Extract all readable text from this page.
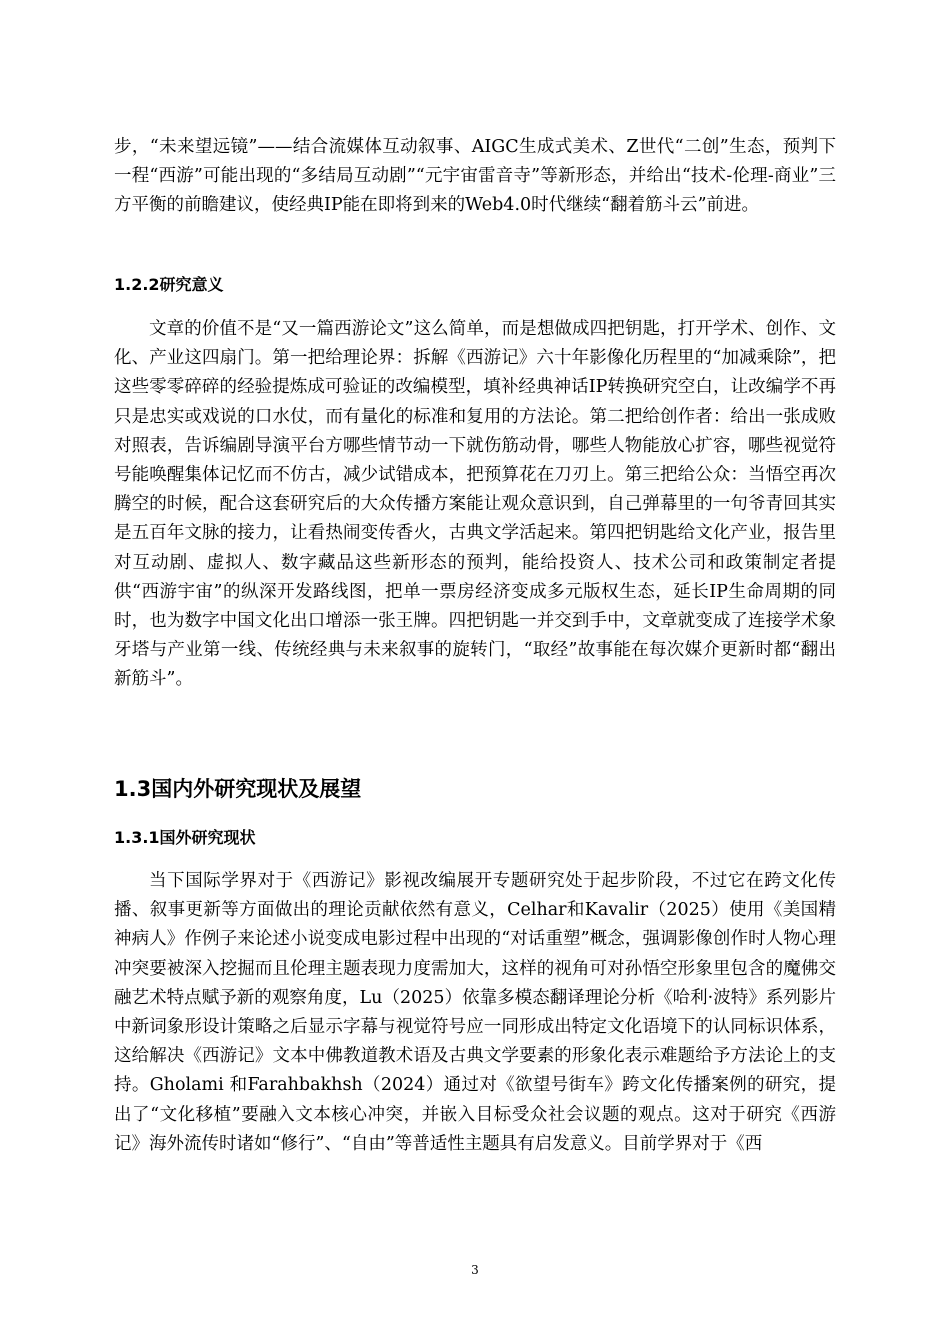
步，“未来望远镜”——结合流媒体互动叙事、AIGC生成式美术、Z世代“二创”生态，预判下一程“西游”可能出现的“多结局互动剧”“元宇宙雷音寺”等新形态，并给出“技术-伦理-商业”三方平衡的前瞻建议，使经典IP能在即将到来的Web4.0时代继续“翻着筋斗云”前进。

1.2.2研究意义

文章的价值不是“又一篇西游论文”这么简单，而是想做成四把钥匙，打开学术、创作、文化、产业这四扇门。第一把给理论界：拆解《西游记》六十年影像化历程里的“加减乘除”，把这些零零碎碎的经验提炼成可验证的改编模型，填补经典神话IP转换研究空白，让改编学不再只是忠实或戏说的口水仗，而有量化的标准和复用的方法论。第二把给创作者：给出一张成败对照表，告诉编剧导演平台方哪些情节动一下就伤筋动骨，哪些人物能放心扩容，哪些视觉符号能唤醒集体记忆而不仿古，减少试错成本，把预算花在刀刃上。第三把给公众：当悟空再次腾空的时候，配合这套研究后的大众传播方案能让观众意识到，自己弹幕里的一句爷青回其实是五百年文脉的接力，让看热闹变传香火，古典文学活起来。第四把钥匙给文化产业，报告里对互动剧、虚拟人、数字藏品这些新形态的预判，能给投资人、技术公司和政策制定者提供“西游宇宙”的纵深开发路线图，把单一票房经济变成多元版权生态，延长IP生命周期的同时，也为数字中国文化出口增添一张王牌。四把钥匙一并交到手中，文章就变成了连接学术象牙塔与产业第一线、传统经典与未来叙事的旋转门，“取经”故事能在每次媒介更新时都“翻出新筋斗”。

1.3国内外研究现状及展望
1.3.1国外研究现状

当下国际学界对于《西游记》影视改编展开专题研究处于起步阶段，不过它在跨文化传播、叙事更新等方面做出的理论贡献依然有意义，Celhar和Kavalir（2025）使用《美国精神病人》作例子来论述小说变成电影过程中出现的“对话重塑”概念，强调影像创作时人物心理冲突要被深入挖掘而且伦理主题表现力度需加大，这样的视角可对孙悟空形象里包含的魔佛交融艺术特点赋予新的观察角度，Lu（2025）依靠多模态翻译理论分析《哈利·波特》系列影片中新词象形设计策略之后显示字幕与视觉符号应一同形成出特定文化语境下的认同标识体系，这给解决《西游记》文本中佛教道教术语及古典文学要素的形象化表示难题给予方法论上的支持。Gholami 和Farahbakhsh（2024）通过对《欲望号街车》跨文化传播案例的研究，提出了“文化移植”要融入文本核心冲突，并嵌入目标受众社会议题的观点。这对于研究《西游记》海外流传时诸如“修行”、“自由”等普适性主题具有启发意义。目前学界对于《西

3
